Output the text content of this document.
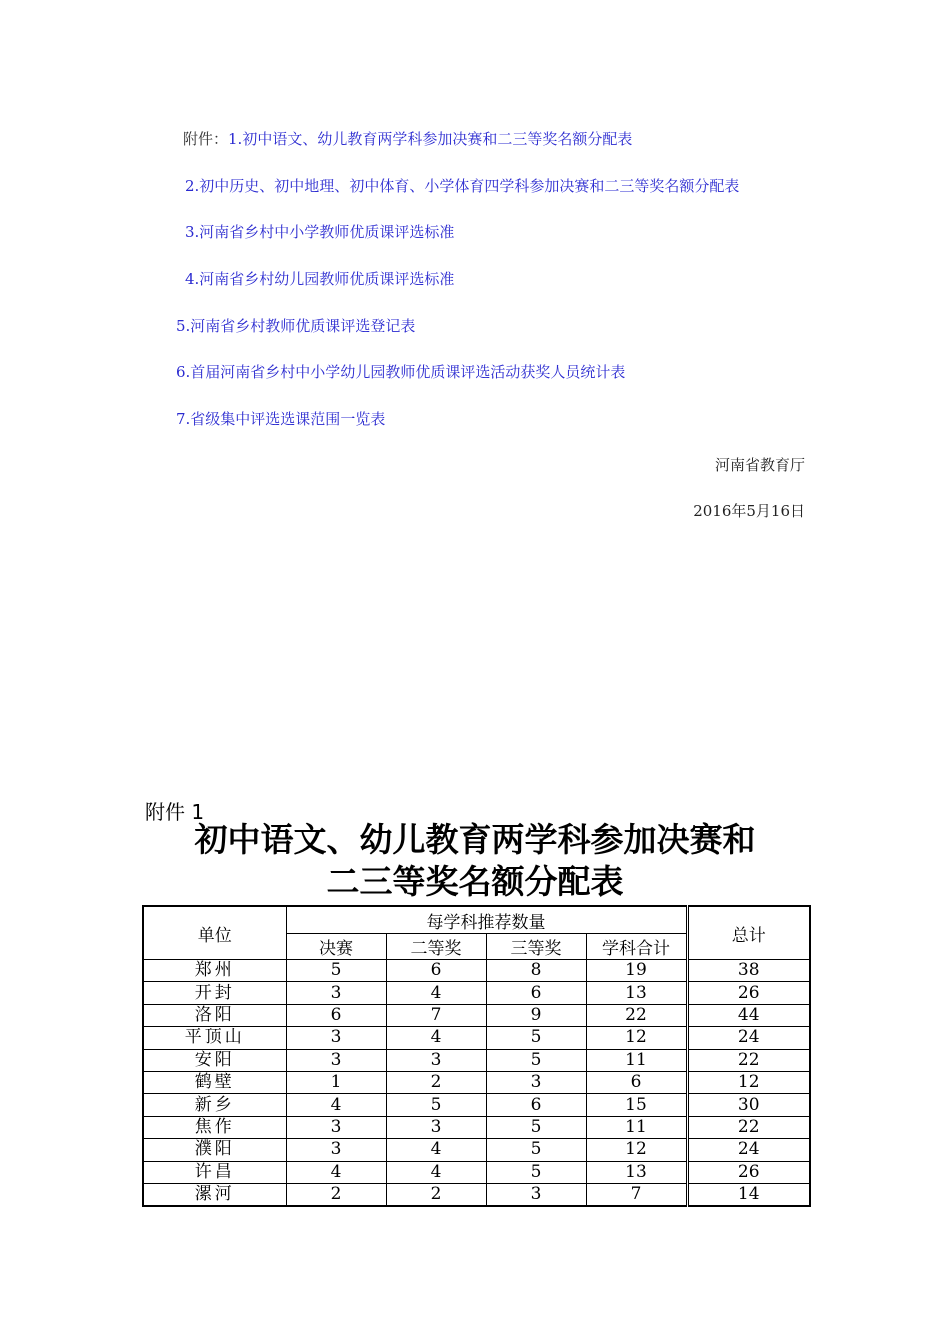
附件：1.初中语文、幼儿教育两学科参加决赛和二三等奖名额分配表
2.初中历史、初中地理、初中体育、小学体育四学科参加决赛和二三等奖名额分配表
3.河南省乡村中小学教师优质课评选标准
4.河南省乡村幼儿园教师优质课评选标准
5.河南省乡村教师优质课评选登记表
6.首届河南省乡村中小学幼儿园教师优质课评选活动获奖人员统计表
7.省级集中评选选课范围一览表
河南省教育厅
2016年5月16日
附件 1
初中语文、幼儿教育两学科参加决赛和
二三等奖名额分配表
单位	每学科推荐数量				总计
	决赛	二等奖	三等奖	学科合计	
郑州	5	6	8	19	38
开封	3	4	6	13	26
洛阳	6	7	9	22	44
平顶山	3	4	5	12	24
安阳	3	3	5	11	22
鹤壁	1	2	3	6	12
新乡	4	5	6	15	30
焦作	3	3	5	11	22
濮阳	3	4	5	12	24
许昌	4	4	5	13	26
漯河	2	2	3	7	14
